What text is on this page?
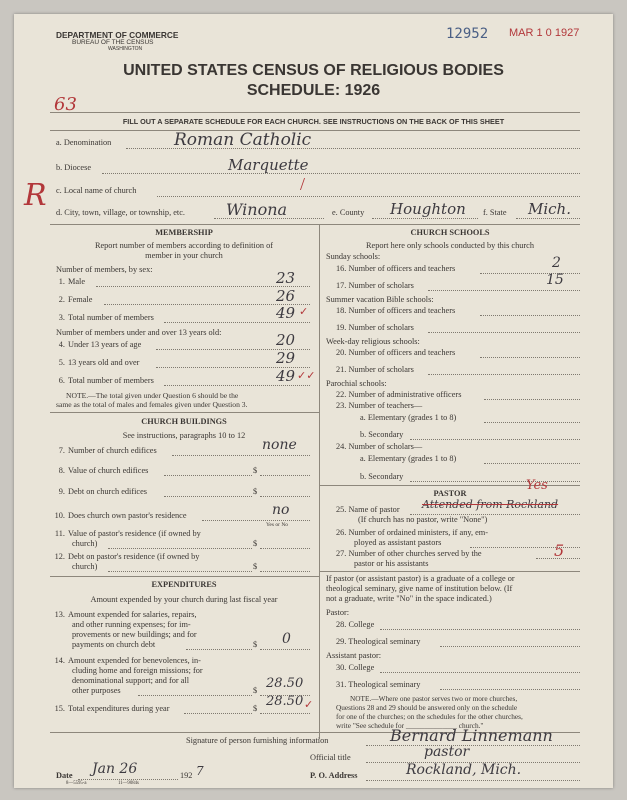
DEPARTMENT OF COMMERCE
BUREAU OF THE CENSUS
WASHINGTON
12952 MAR 1 0 1927
UNITED STATES CENSUS OF RELIGIOUS BODIES
SCHEDULE: 1926
63
FILL OUT A SEPARATE SCHEDULE FOR EACH CHURCH. SEE INSTRUCTIONS ON THE BACK OF THIS SHEET
R
a. Denomination	Roman Catholic
b. Diocese	Marquette
c. Local name of church	/
d. City, town, village, or township, etc.	Winona	e. County Houghton f. State Mich.
MEMBERSHIP
Report number of members according to definition of
member in your church
Number of members, by sex:
1. Male	23
2. Female	26
3. Total number of members	49 ✓
Number of members under and over 13 years old:
4. Under 13 years of age	20
5. 13 years old and over	29
6. Total number of members	49 ✓✓
NOTE.—The total given under Question 6 should be the
same as the total of males and females given under Question 3.
CHURCH BUILDINGS
See instructions, paragraphs 10 to 12
7. Number of church edifices	none
8. Value of church edifices	$
9. Debt on church edifices	$
10. Does church own pastor's residence	no
Yes or No
11. Value of pastor's residence (if owned by
church)	$
12. Debt on pastor's residence (if owned by
church)	$
EXPENDITURES
Amount expended by your church during last fiscal year
13. Amount expended for salaries, repairs,
and other running expenses; for im-
provements or new buildings; and for
payments on church debt	$ 0
14. Amount expended for benevolences, in-
cluding home and foreign missions; for
denominational support; and for all
other purposes	$ 28.50
15. Total expenditures during year	$ 28.50 ✓
CHURCH SCHOOLS
Report here only schools conducted by this church
Sunday schools:
16. Number of officers and teachers	2
17. Number of scholars	15
Summer vacation Bible schools:
18. Number of officers and teachers
19. Number of scholars
Week-day religious schools:
20. Number of officers and teachers
21. Number of scholars
Parochial schools:
22. Number of administrative officers
23. Number of teachers—
a. Elementary (grades 1 to 8)
b. Secondary
24. Number of scholars—
a. Elementary (grades 1 to 8)
b. Secondary
PASTOR
25. Name of pastor Attended from Rockland
Yes
(If church has no pastor, write "None")
26. Number of ordained ministers, if any, em-
ployed as assistant pastors
27. Number of other churches served by the
pastor or his assistants
5
If pastor (or assistant pastor) is a graduate of a college or
theological seminary, give name of institution below. (If
not a graduate, write "No" in the space indicated.)
Pastor:
28. College
29. Theological seminary
Assistant pastor:
30. College
31. Theological seminary
NOTE.—Where one pastor serves two or more churches,
Questions 28 and 29 should be answered only on the schedule
for one of the churches; on the schedules for the other churches,
write "See schedule for ______________ church."
Signature of person furnishing information	Bernard Linnemann
Official title	pastor
Date Jan 26	192 7
8—5595-a	11—9084s
P. O. Address	Rockland, Mich.
